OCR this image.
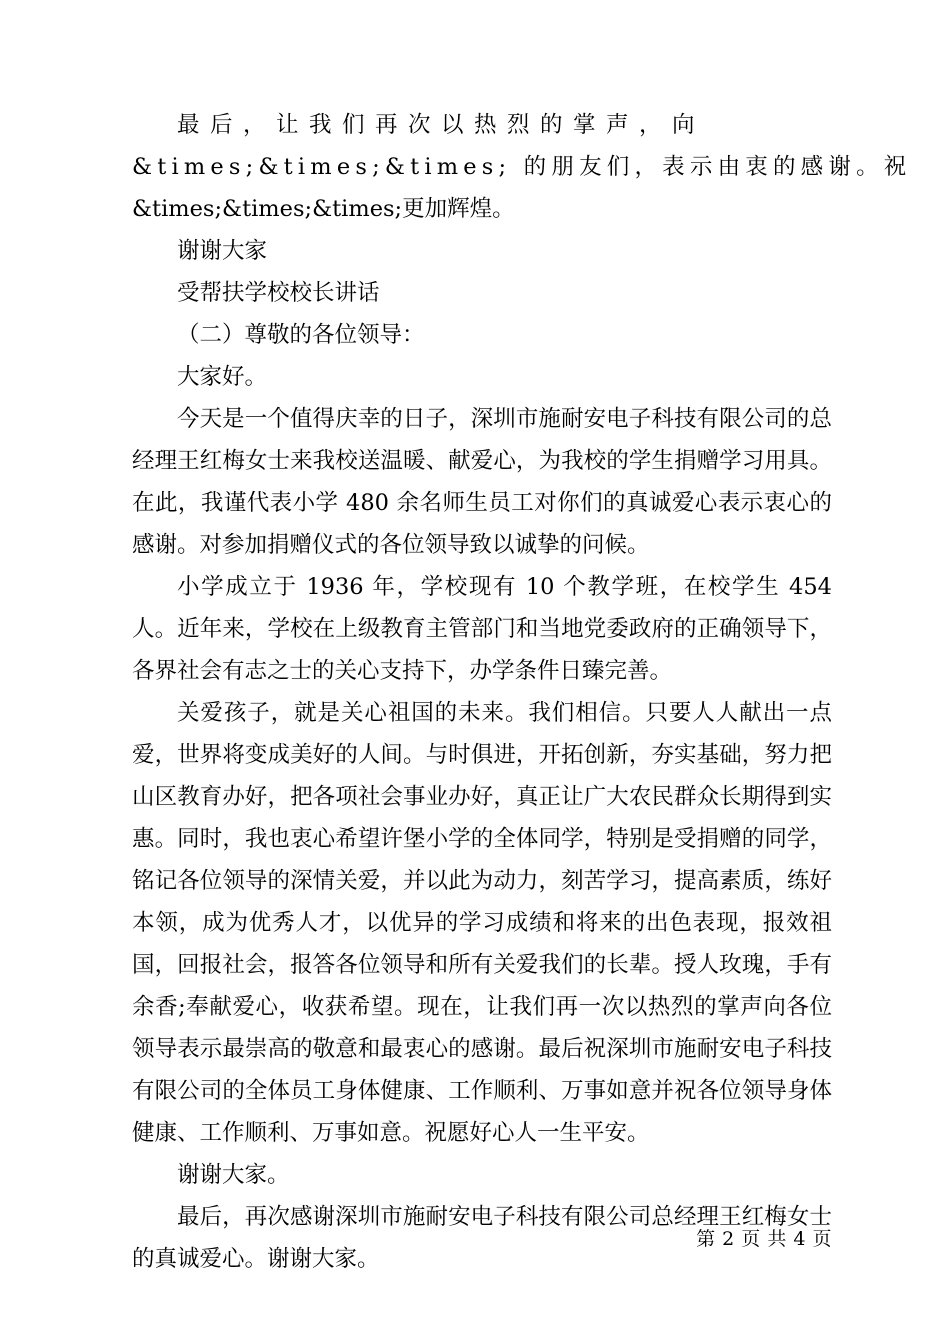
最后，让我们再次以热烈的掌声，向
&times;&times;&times; 的朋友们，表示由衷的感谢。祝
&times;&times;&times;更加辉煌。

谢谢大家

受帮扶学校校长讲话

（二）尊敬的各位领导：

大家好。

今天是一个值得庆幸的日子，深圳市施耐安电子科技有限公司的总经理王红梅女士来我校送温暖、献爱心，为我校的学生捐赠学习用具。在此，我谨代表小学 480 余名师生员工对你们的真诚爱心表示衷心的感谢。对参加捐赠仪式的各位领导致以诚挚的问候。

小学成立于 1936 年，学校现有 10 个教学班，在校学生 454 人。近年来，学校在上级教育主管部门和当地党委政府的正确领导下，各界社会有志之士的关心支持下，办学条件日臻完善。

关爱孩子，就是关心祖国的未来。我们相信。只要人人献出一点爱，世界将变成美好的人间。与时俱进，开拓创新，夯实基础，努力把山区教育办好，把各项社会事业办好，真正让广大农民群众长期得到实惠。同时，我也衷心希望许堡小学的全体同学，特别是受捐赠的同学，铭记各位领导的深情关爱，并以此为动力，刻苦学习，提高素质，练好本领，成为优秀人才，以优异的学习成绩和将来的出色表现，报效祖国，回报社会，报答各位领导和所有关爱我们的长辈。授人玫瑰，手有余香;奉献爱心，收获希望。现在，让我们再一次以热烈的掌声向各位领导表示最崇高的敬意和最衷心的感谢。最后祝深圳市施耐安电子科技有限公司的全体员工身体健康、工作顺利、万事如意并祝各位领导身体健康、工作顺利、万事如意。祝愿好心人一生平安。

谢谢大家。

最后，再次感谢深圳市施耐安电子科技有限公司总经理王红梅女士的真诚爱心。谢谢大家。

第 2 页 共 4 页
